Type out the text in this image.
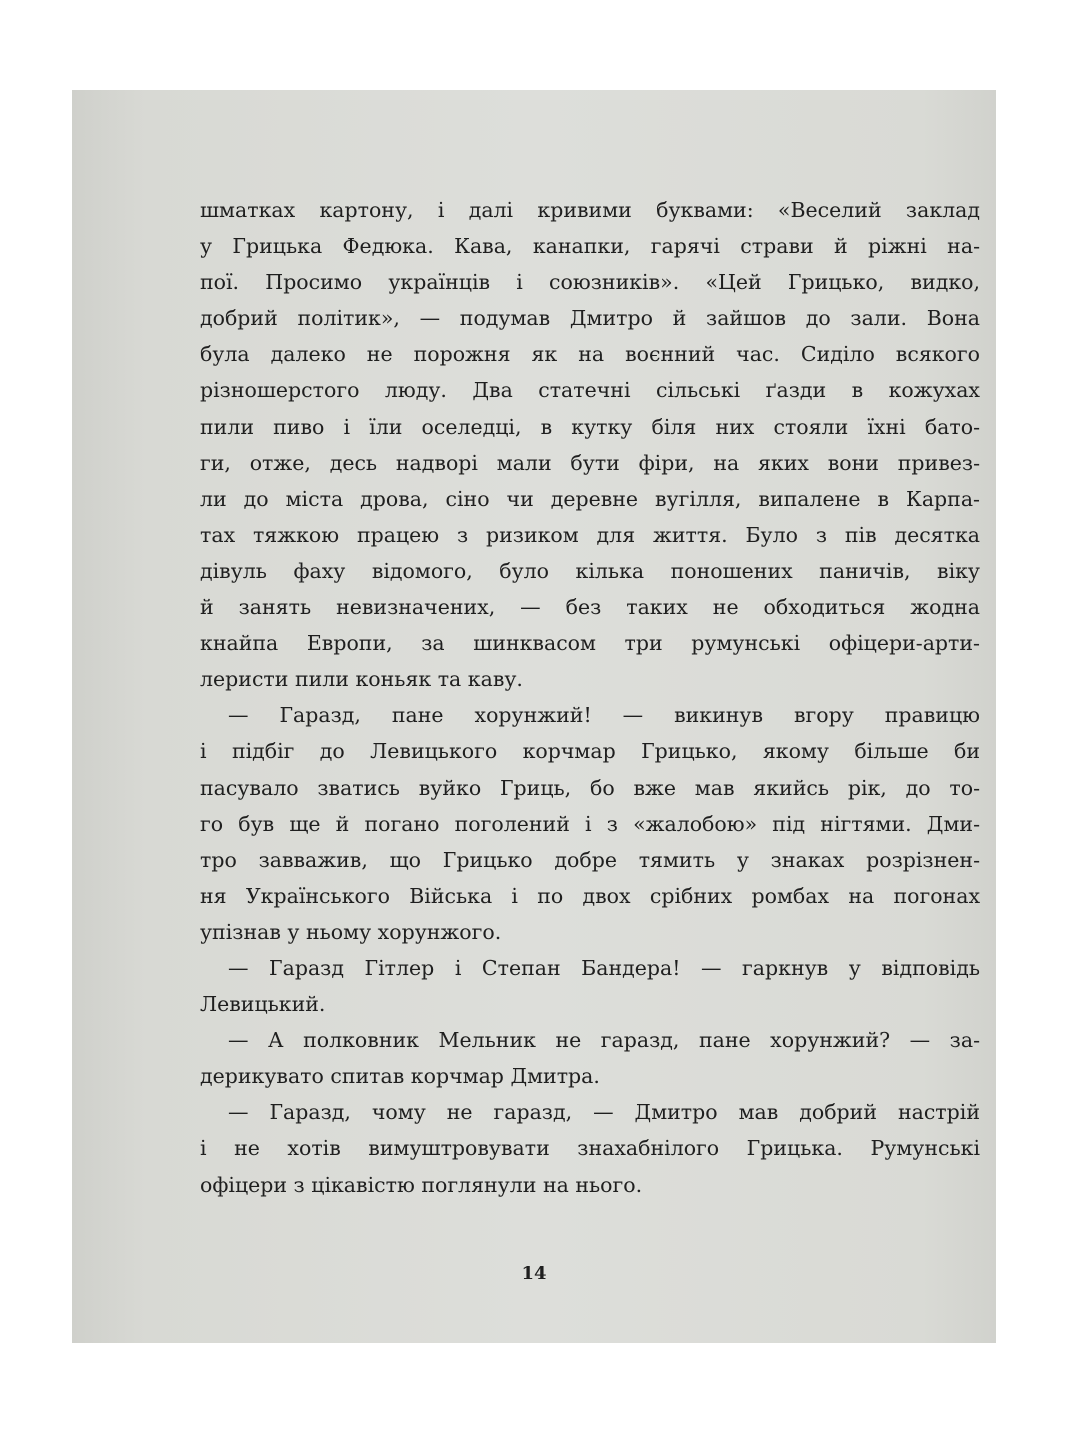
шматках картону, і далі кривими буквами: «Веселий заклад
у Грицька Федюка. Кава, канапки, гарячі страви й ріжні на-
пої. Просимо українців і союзників». «Цей Грицько, видко,
добрий політик», — подумав Дмитро й зайшов до зали. Вона
була далеко не порожня як на воєнний час. Сиділо всякого
різношерстого люду. Два статечні сільські ґазди в кожухах
пили пиво і їли оселедці, в кутку біля них стояли їхні бато-
ги, отже, десь надворі мали бути фіри, на яких вони привез-
ли до міста дрова, сіно чи деревне вугілля, випалене в Карпа-
тах тяжкою працею з ризиком для життя. Було з пів десятка
дівуль фаху відомого, було кілька поношених паничів, віку
й занять невизначених, — без таких не обходиться жодна
кнайпа Европи, за шинквасом три румунські офіцери-арти-
леристи пили коньяк та каву.
— Гаразд, пане хорунжий! — викинув вгору правицю
і підбіг до Левицького корчмар Грицько, якому більше би
пасувало зватись вуйко Гриць, бо вже мав якийсь рік, до то-
го був ще й погано поголений і з «жалобою» під нігтями. Дми-
тро завважив, що Грицько добре тямить у знаках розрізнен-
ня Українського Війська і по двох срібних ромбах на погонах
упізнав у ньому хорунжого.
— Гаразд Гітлер і Степан Бандера! — гаркнув у відповідь
Левицький.
— А полковник Мельник не гаразд, пане хорунжий? — за-
дерикувато спитав корчмар Дмитра.
— Гаразд, чому не гаразд, — Дмитро мав добрий настрій
і не хотів вимуштровувати знахабнілого Грицька. Румунські
офіцери з цікавістю поглянули на нього.
14
